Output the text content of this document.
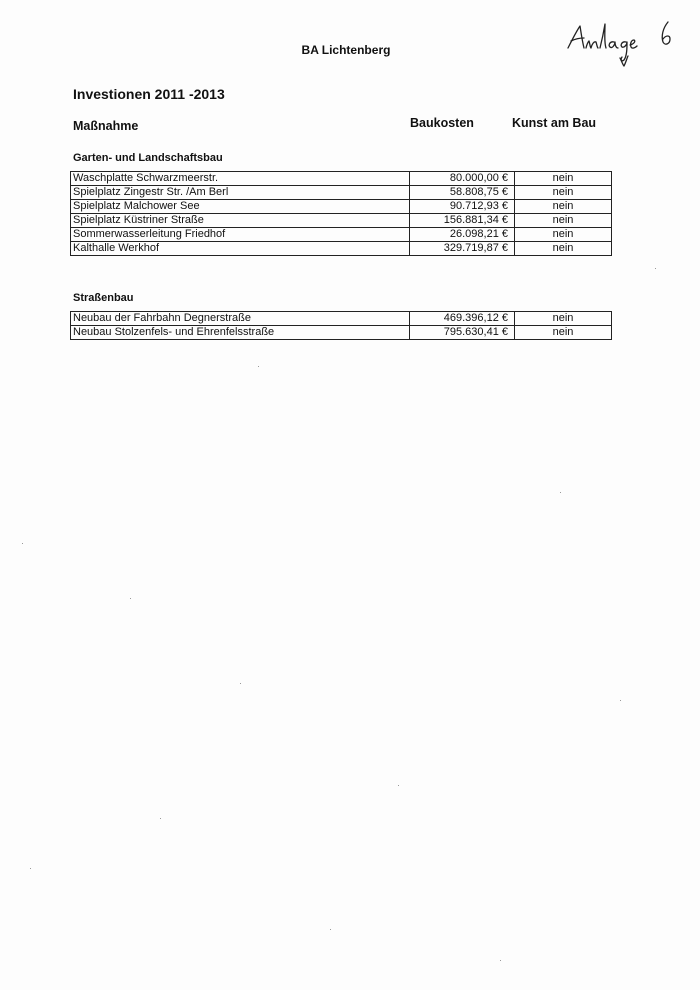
BA Lichtenberg
Investionen 2011 -2013
Maßnahme	Baukosten	Kunst am Bau
Garten- und Landschaftsbau
Waschplatte Schwarzmeerstr.	80.000,00 €	nein
Spielplatz Zingestr Str. /Am Berl	58.808,75 €	nein
Spielplatz Malchower See	90.712,93 €	nein
Spielplatz Küstriner Straße	156.881,34 €	nein
Sommerwasserleitung Friedhof	26.098,21 €	nein
Kalthalle Werkhof	329.719,87 €	nein
Straßenbau
Neubau der Fahrbahn Degnerstraße	469.396,12 €	nein
Neubau Stolzenfels- und Ehrenfelsstraße	795.630,41 €	nein
